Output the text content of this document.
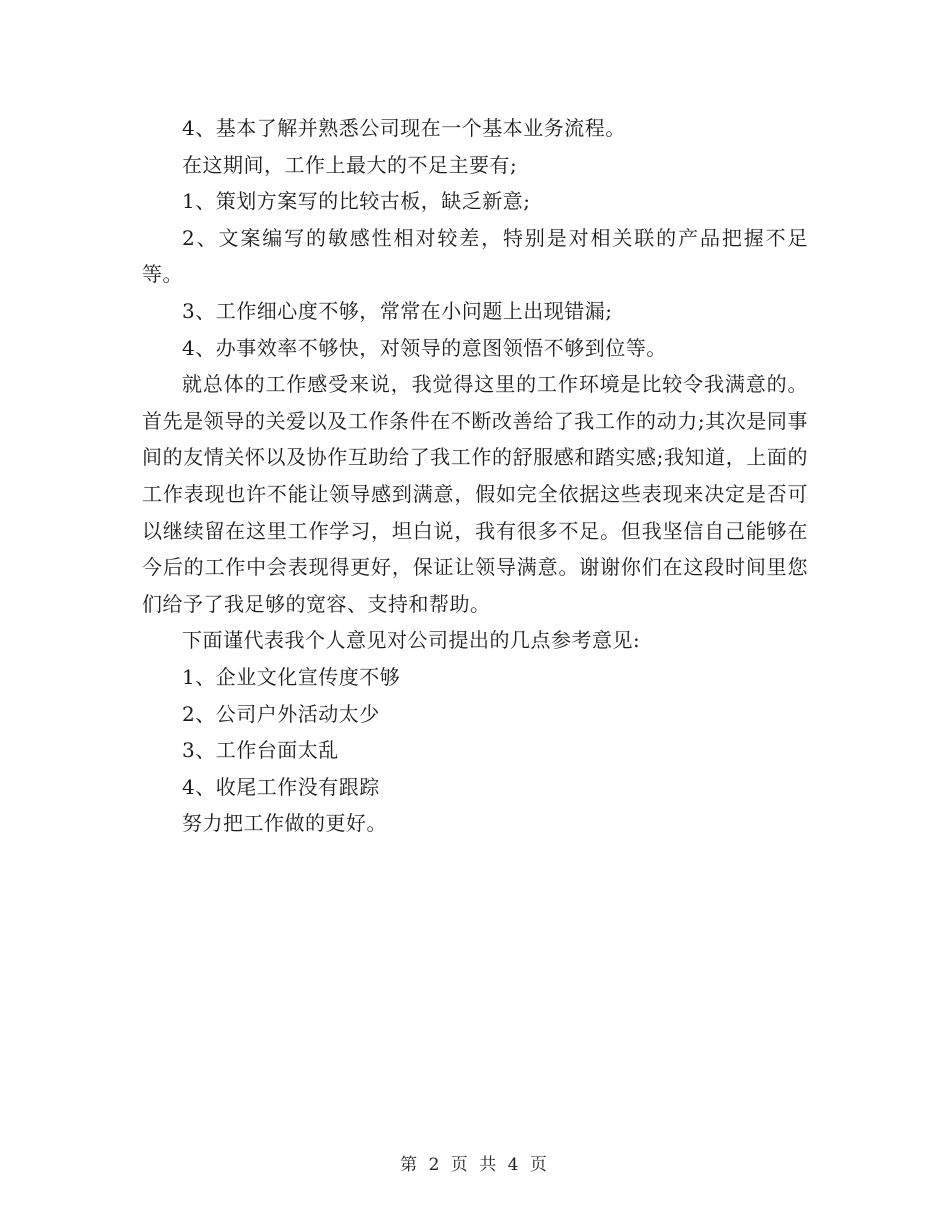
4、基本了解并熟悉公司现在一个基本业务流程。

在这期间，工作上最大的不足主要有;

1、策划方案写的比较古板，缺乏新意;

2、文案编写的敏感性相对较差，特别是对相关联的产品把握不足等。

3、工作细心度不够，常常在小问题上出现错漏;

4、办事效率不够快，对领导的意图领悟不够到位等。

就总体的工作感受来说，我觉得这里的工作环境是比较令我满意的。首先是领导的关爱以及工作条件在不断改善给了我工作的动力;其次是同事间的友情关怀以及协作互助给了我工作的舒服感和踏实感;我知道，上面的工作表现也许不能让领导感到满意，假如完全依据这些表现来决定是否可以继续留在这里工作学习，坦白说，我有很多不足。但我坚信自己能够在今后的工作中会表现得更好，保证让领导满意。谢谢你们在这段时间里您们给予了我足够的宽容、支持和帮助。

下面谨代表我个人意见对公司提出的几点参考意见:

1、企业文化宣传度不够

2、公司户外活动太少

3、工作台面太乱

4、收尾工作没有跟踪

努力把工作做的更好。

第 2 页 共 4 页
